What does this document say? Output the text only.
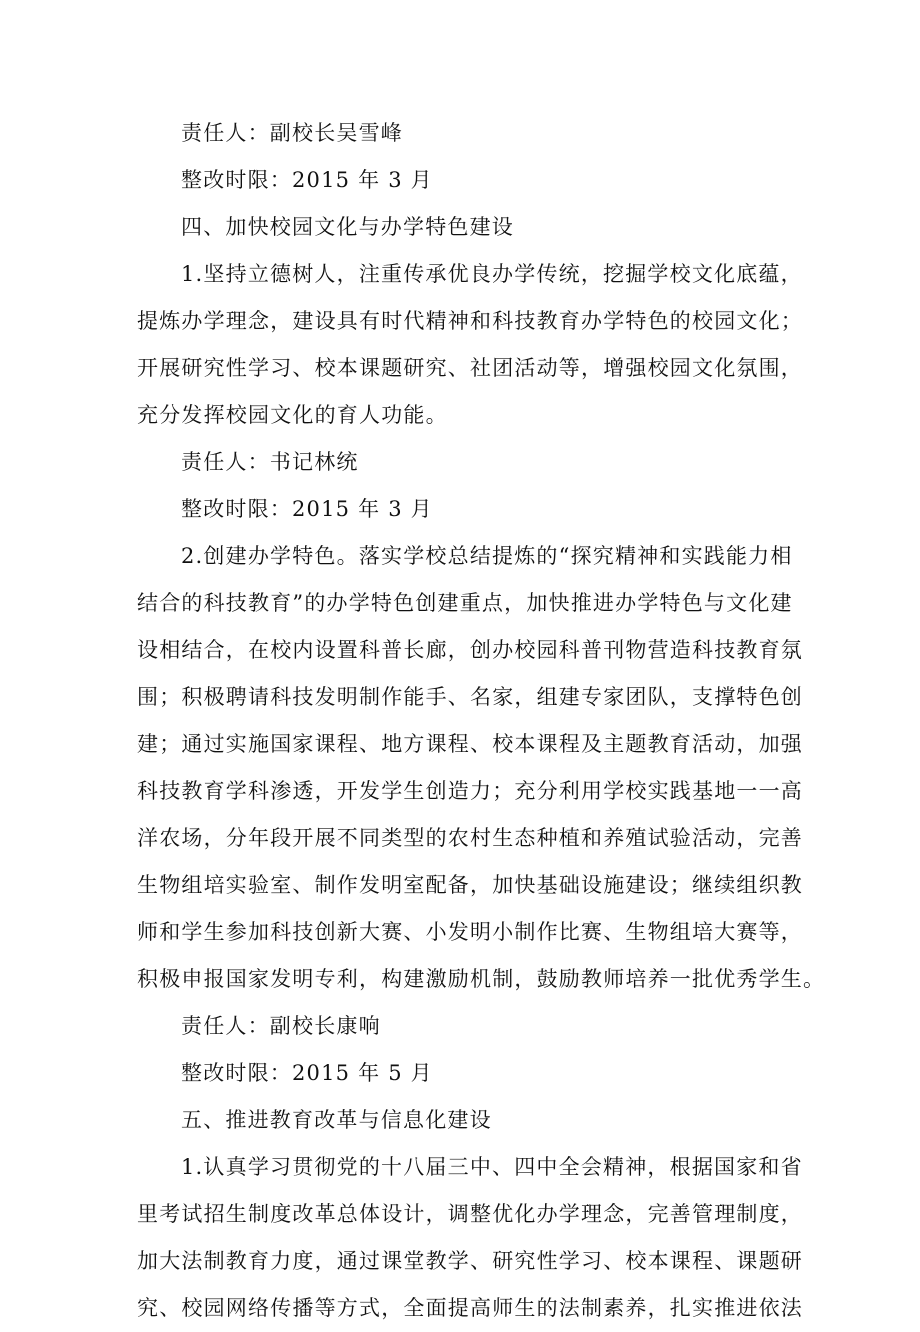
责任人：副校长吴雪峰
整改时限：2015 年 3 月
四、加快校园文化与办学特色建设
1.坚持立德树人，注重传承优良办学传统，挖掘学校文化底蕴，
提炼办学理念，建设具有时代精神和科技教育办学特色的校园文化；
开展研究性学习、校本课题研究、社团活动等，增强校园文化氛围，
充分发挥校园文化的育人功能。
责任人：书记林统
整改时限：2015 年 3 月
2.创建办学特色。落实学校总结提炼的“探究精神和实践能力相
结合的科技教育”的办学特色创建重点，加快推进办学特色与文化建
设相结合，在校内设置科普长廊，创办校园科普刊物营造科技教育氛
围；积极聘请科技发明制作能手、名家，组建专家团队，支撑特色创
建；通过实施国家课程、地方课程、校本课程及主题教育活动，加强
科技教育学科渗透，开发学生创造力；充分利用学校实践基地一一高
洋农场，分年段开展不同类型的农村生态种植和养殖试验活动，完善
生物组培实验室、制作发明室配备，加快基础设施建设；继续组织教
师和学生参加科技创新大赛、小发明小制作比赛、生物组培大赛等，
积极申报国家发明专利，构建激励机制，鼓励教师培养一批优秀学生。
责任人：副校长康响
整改时限：2015 年 5 月
五、推进教育改革与信息化建设
1.认真学习贯彻党的十八届三中、四中全会精神，根据国家和省
里考试招生制度改革总体设计，调整优化办学理念，完善管理制度，
加大法制教育力度，通过课堂教学、研究性学习、校本课程、课题研
究、校园网络传播等方式，全面提高师生的法制素养，扎实推进依法
